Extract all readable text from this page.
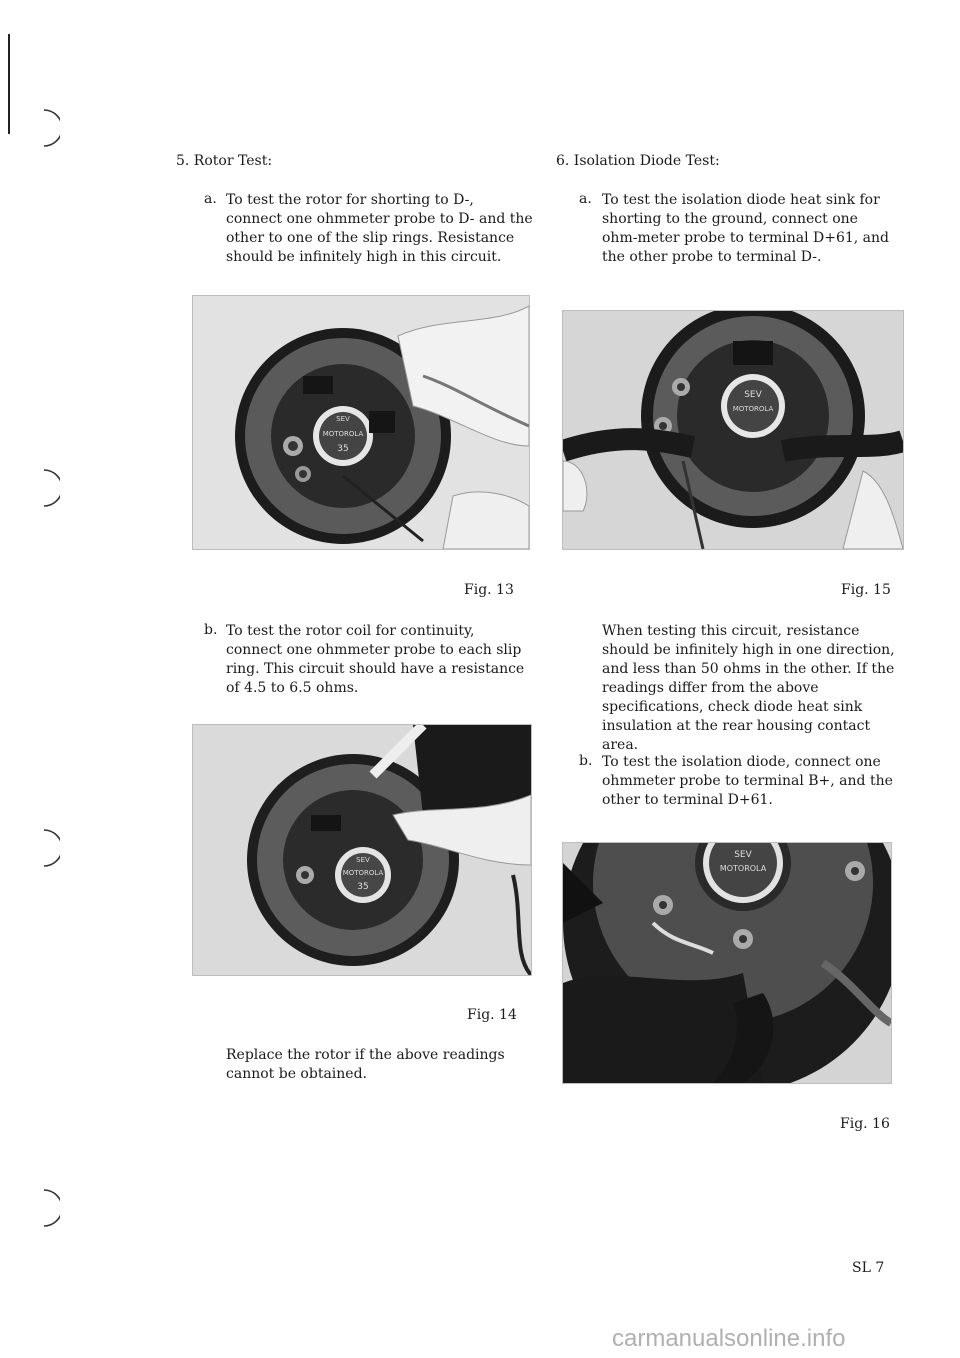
5. Rotor Test:
a. To test the rotor for shorting to D-, connect one ohmmeter probe to D- and the other to one of the slip rings. Resistance should be infinitely high in this circuit.

SEV
MOTOROLA
35
Fig. 13
b. To test the rotor coil for continuity, connect one ohmmeter probe to each slip ring. This circuit should have a resistance of 4.5 to 6.5 ohms.

SEV
MOTOROLA
35
Fig. 14

Replace the rotor if the above readings cannot be obtained.

6. Isolation Diode Test:
a. To test the isolation diode heat sink for shorting to the ground, connect one ohm-meter probe to terminal D+61, and the other probe to terminal D-.

SEV
MOTOROLA
Fig. 15

When testing this circuit, resistance should be infinitely high in one direction, and less than 50 ohms in the other. If the readings differ from the above specifications, check diode heat sink insulation at the rear housing contact area.

b. To test the isolation diode, connect one ohmmeter probe to terminal B+, and the other to terminal D+61.

SEV
MOTOROLA
Fig. 16
SL 7
carmanualsonline.info
